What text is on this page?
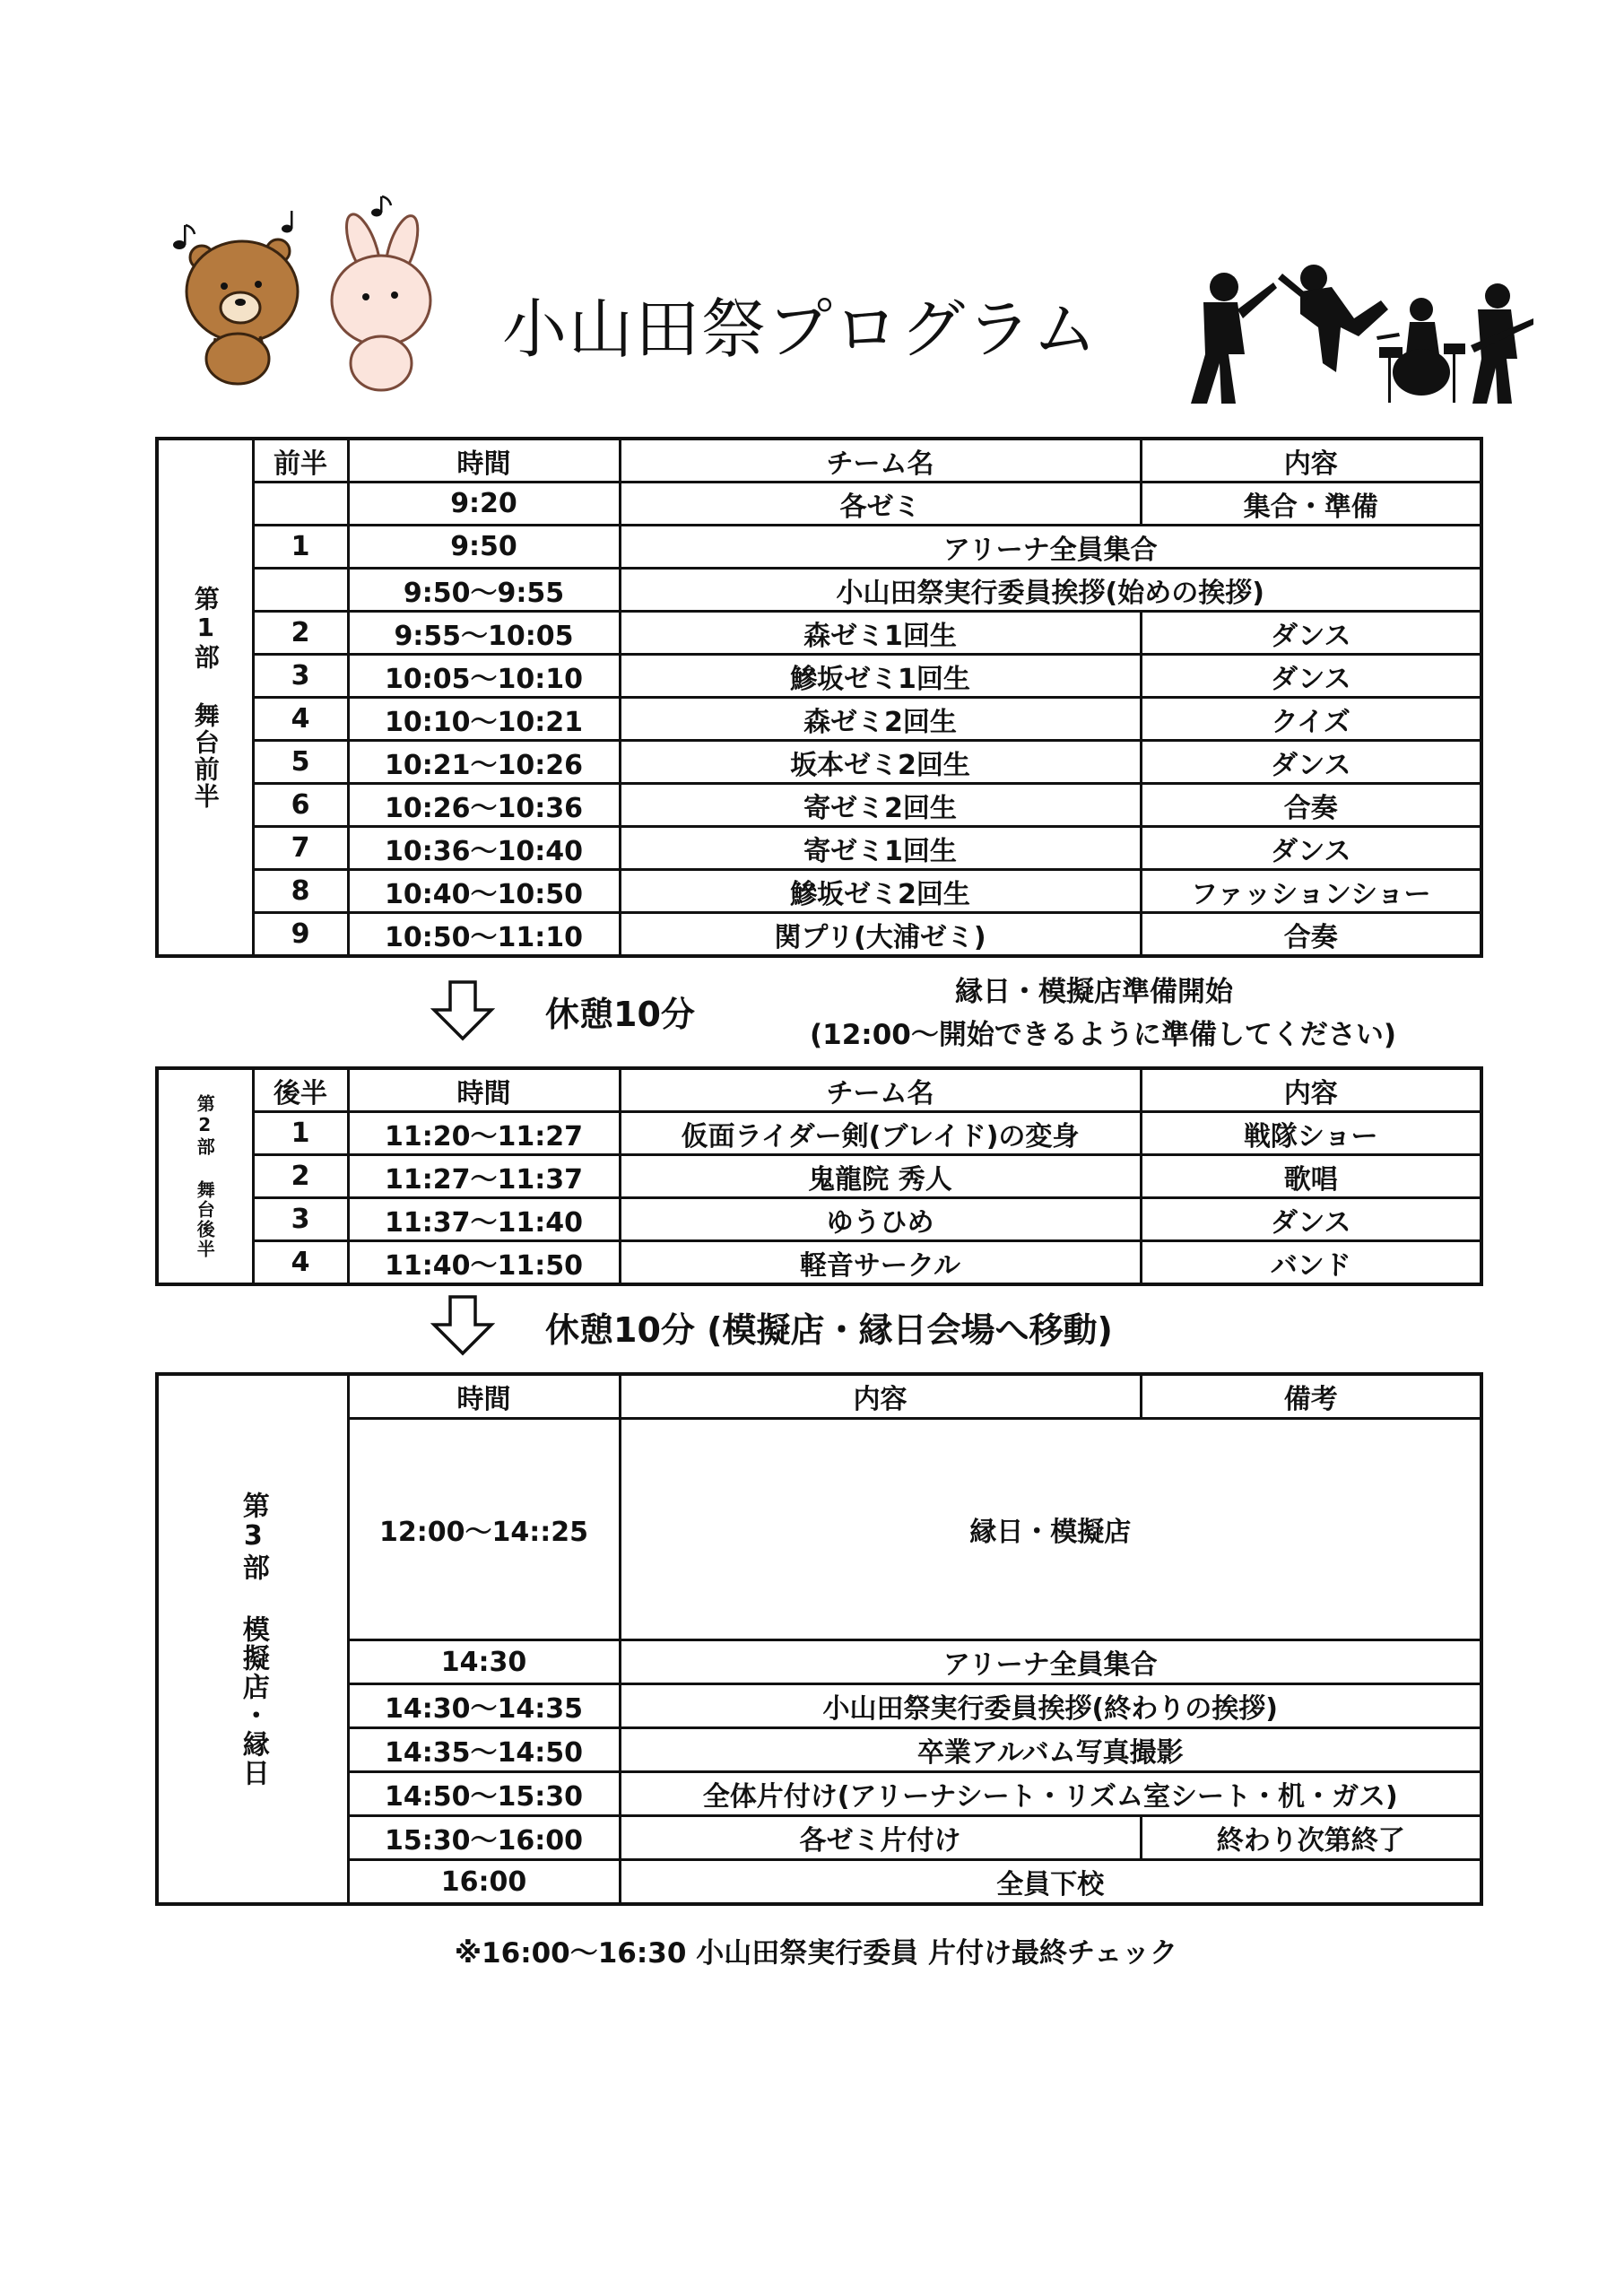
小山田祭プログラム
第1部 舞台前半	前半	時間	チーム名	内容
		9:20	各ゼミ	集合・準備
	1	9:50	アリーナ全員集合	
		9:50～9:55	小山田祭実行委員挨拶(始めの挨拶)	
	2	9:55～10:05	森ゼミ1回生	ダンス
	3	10:05～10:10	鰺坂ゼミ1回生	ダンス
	4	10:10～10:21	森ゼミ2回生	クイズ
	5	10:21～10:26	坂本ゼミ2回生	ダンス
	6	10:26～10:36	寄ゼミ2回生	合奏
	7	10:36～10:40	寄ゼミ1回生	ダンス
	8	10:40～10:50	鰺坂ゼミ2回生	ファッションショー
	9	10:50～11:10	関プリ(大浦ゼミ)	合奏
休憩10分
縁日・模擬店準備開始
(12:00～開始できるように準備してください)
第2部 舞台後半	後半	時間	チーム名	内容
	1	11:20～11:27	仮面ライダー剣(ブレイド)の変身	戦隊ショー
	2	11:27～11:37	鬼龍院 秀人	歌唱
	3	11:37～11:40	ゆうひめ	ダンス
	4	11:40～11:50	軽音サークル	バンド
休憩10分 (模擬店・縁日会場へ移動)
第3部 模擬店・縁日	時間	内容	備考
	12:00～14::25	縁日・模擬店	
	14:30	アリーナ全員集合	
	14:30～14:35	小山田祭実行委員挨拶(終わりの挨拶)	
	14:35～14:50	卒業アルバム写真撮影	
	14:50～15:30	全体片付け(アリーナシート・リズム室シート・机・ガス)	
	15:30～16:00	各ゼミ片付け	終わり次第終了
	16:00	全員下校	
※16:00～16:30 小山田祭実行委員 片付け最終チェック
